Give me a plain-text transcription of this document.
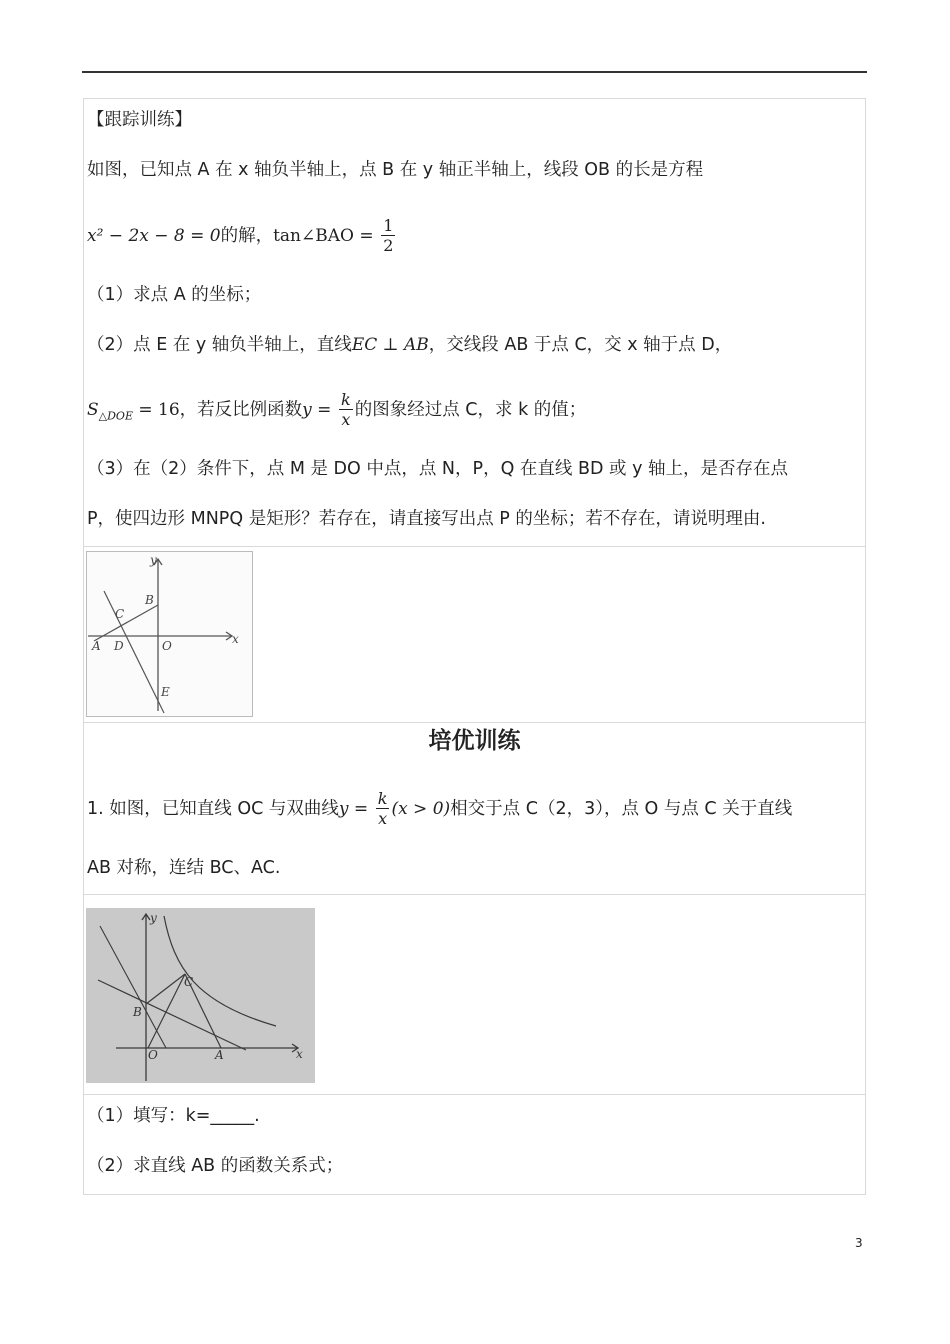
【跟踪训练】
如图，已知点 A 在 x 轴负半轴上，点 B 在 y 轴正半轴上，线段 OB 的长是方程
x² − 2x − 8 = 0的解，tan∠BAO = $\frac{1}{2}$
（1）求点 A 的坐标；
（2）点 E 在 y 轴负半轴上，直线EC ⊥ AB，交线段 AB 于点 C，交 x 轴于点 D，
$S_{\triangle DOE} = 16$，若反比例函数$y = \frac{k}{x}$ 的图象经过点 C，求 k 的值；
（3）在（2）条件下，点 M 是 DO 中点，点 N，P，Q 在直线 BD 或 y 轴上，是否存在点
P，使四边形 MNPQ 是矩形？若存在，请直接写出点 P 的坐标；若不存在，请说明理由.
y
x
B
C
A D	O
E
培优训练
1. 如图，已知直线 OC 与双曲线$y = \frac{k}{x} (x > 0)$相交于点 C（2，3），点 O 与点 C 关于直线
AB 对称，连结 BC、AC.
y
x
C
B
O	A
（1）填写：k=_____.
（2）求直线 AB 的函数关系式；
3
